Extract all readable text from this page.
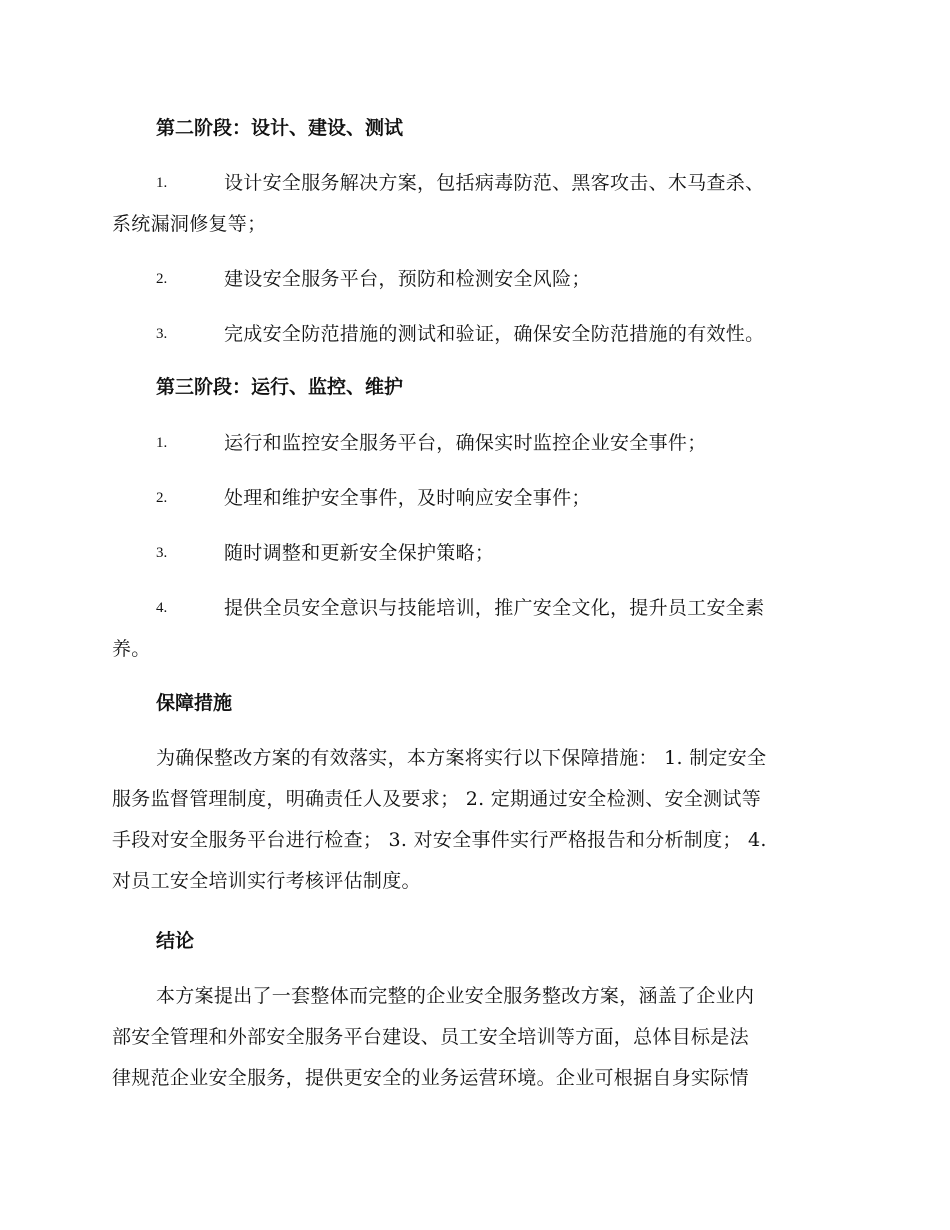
第二阶段：设计、建设、测试
1.	设计安全服务解决方案，包括病毒防范、黑客攻击、木马查杀、
系统漏洞修复等；
2.	建设安全服务平台，预防和检测安全风险；
3.	完成安全防范措施的测试和验证，确保安全防范措施的有效性。
第三阶段：运行、监控、维护
1.	运行和监控安全服务平台，确保实时监控企业安全事件；
2.	处理和维护安全事件，及时响应安全事件；
3.	随时调整和更新安全保护策略；
4.	提供全员安全意识与技能培训，推广安全文化，提升员工安全素
养。
保障措施
为确保整改方案的有效落实，本方案将实行以下保障措施： 1. 制定安全
服务监督管理制度，明确责任人及要求； 2. 定期通过安全检测、安全测试等
手段对安全服务平台进行检查； 3. 对安全事件实行严格报告和分析制度； 4.
对员工安全培训实行考核评估制度。
结论
本方案提出了一套整体而完整的企业安全服务整改方案，涵盖了企业内
部安全管理和外部安全服务平台建设、员工安全培训等方面，总体目标是法
律规范企业安全服务，提供更安全的业务运营环境。企业可根据自身实际情
